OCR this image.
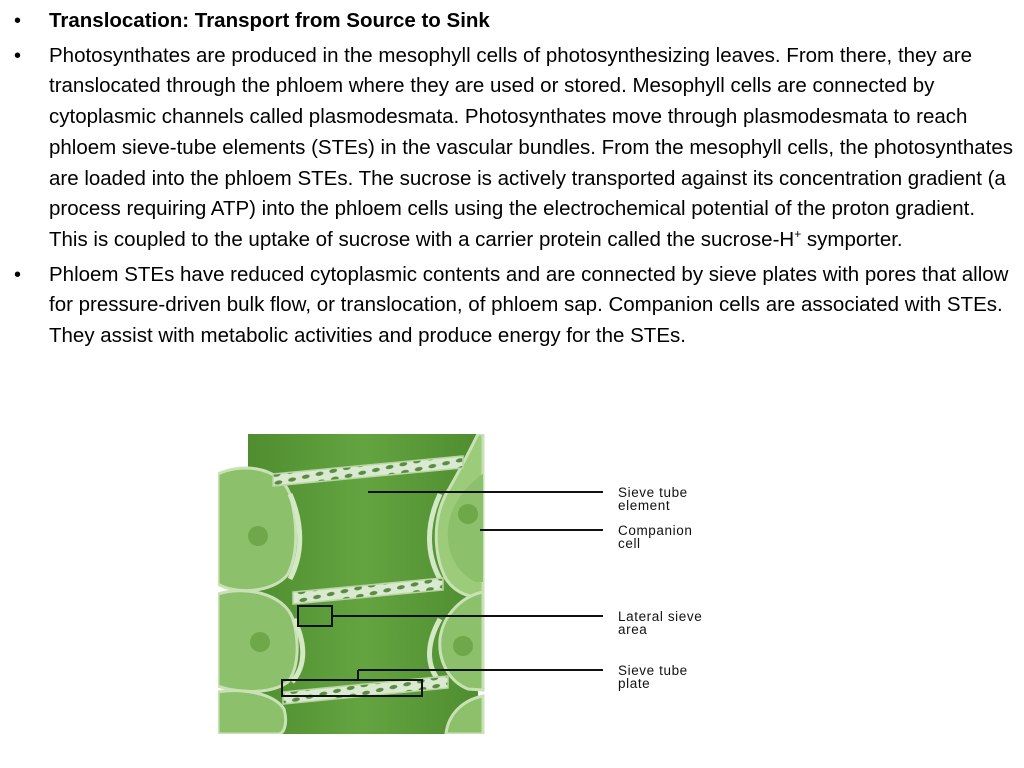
•	Translocation: Transport from Source to Sink
•	Photosynthates are produced in the mesophyll cells of photosynthesizing leaves. From there, they are translocated through the phloem where they are used or stored. Mesophyll cells are connected by cytoplasmic channels called plasmodesmata. Photosynthates move through plasmodesmata to reach phloem sieve-tube elements (STEs) in the vascular bundles. From the mesophyll cells, the photosynthates are loaded into the phloem STEs. The sucrose is actively transported against its concentration gradient (a process requiring ATP) into the phloem cells using the electrochemical potential of the proton gradient. This is coupled to the uptake of sucrose with a carrier protein called the sucrose-H+ symporter.
•	Phloem STEs have reduced cytoplasmic contents and are connected by sieve plates with pores that allow for pressure-driven bulk flow, or translocation, of phloem sap. Companion cells are associated with STEs. They assist with metabolic activities and produce energy for the STEs.
Sieve tube
element
Companion
cell
Lateral sieve
area
Sieve tube
plate
